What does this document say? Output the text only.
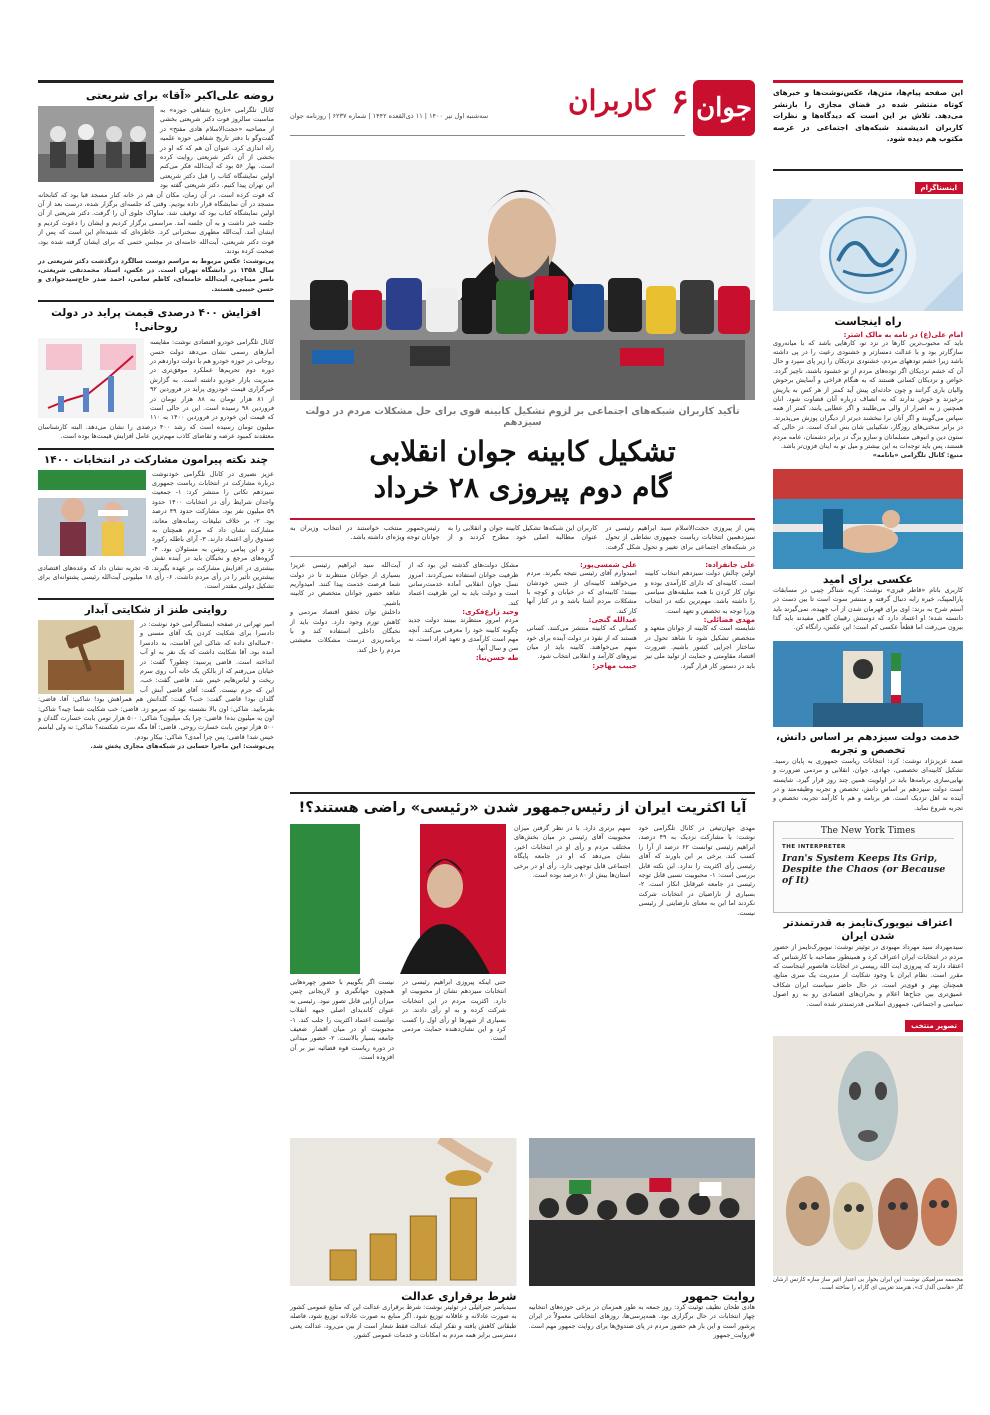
جوان
۶
کاربران
سه‌شنبه اول تیر ۱۴۰۰ | ۱۱ ذی‌القعده ۱۴۴۲ | شماره ۶۲۳۷ | روزنامه جوان
این صفحه پیام‌ها، متن‌ها، عکس‌نوشت‌ها و خبرهای کوتاه منتشر شده در فضای مجازی را بازنشر می‌دهد. تلاش بر این است که دیدگاه‌ها و نظرات کاربران اندیشمند شبکه‌های اجتماعی در عرصه مکتوب هم دیده شود.
اینستاگرام
راه اینجاست
امام علی(ع) در نامه به مالک اشتر:

باید که محبوب‌ترین کارها در نزد تو، کارهایی باشد که با میانه‌روی سازگارتر بود و با عدالت دمسازتر و خشنودی رعیت را در پی داشته باشد زیرا خشم تودههای مردم، خشنودی نزدیکان را زیر پای سپرد و حال آن که خشم نزدیکان اگر توده‌های مردم از تو خشنود باشند، ناچیز گردد. خواص و نزدیکان کسانی هستند که به هنگام فراخی و آسایش برحوش والیان باری گرانند و چون حادثه‌ای پیش آید کمتر از هر کس به یاریش برخیزند و خوش ندارند که به انصاف درباره آنان قضاوت شود. انان همچنین ز به اصرار از والی می‌طلبند و اگر عطایی یابند، کمتر از همه سپاس می‌گویند و اگر آنان نرا نبخشند دیرتر از دیگران پوزش می‌پذیرند. در برابر سختی‌های روزگار، شکیبایی شان بس اندک است. در حالی که ستون دین و انبوهی مسلمانان و سازو برگ در برابر دشمنان، عامه مردم هستند، پس باید توجه‌ات به این بیشتر و میل تو به اینان فزون‌تر باشد.

منبع: کانال تلگرامی «بانامه»

عکسی برای امید

کاربری بانام «قاطر قیزی» نوشت: گریه شناگر چینی در مسابقات پارالمپیک، خیره رابه دنبال گرفته و منتشر سوت است تا بین دست در آستم شرح به برند: اوی برای قهرمان شدن از آب جهیده، نمی‌گیرند باید دانسته شده؛ او اعتماد دارد که دوستش رقیبان گاهی مفیدند باید گذا بیرون می‌رفت اما قطعاً عکسی کم است؛ این عکس، رانگاه کن.

خدمت دولت سیزدهم بر اساس دانش، تخصص و تجربه

صمد عزیزنژاد نوشت: کرد: انتخابات ریاست جمهوری به پایان رسید. تشکیل کابینه‌ای تخصصی، جهادی، جوان، انقلابی و مردمی ضرورت و نهایی‌سازی برنامه‌ها باید در اولویت همین چند روز قرار گیرد. شایسته است دولت سیزدهم بر اساس دانش، تخصص و تجربه وظیفه‌مند و در آینده نه اهل تزدیک است. هر برنامه و هم با کارآمد تجربه، تخصص و تجربه شروع نماید.

The New York Times
THE INTERPRETER
Iran's System Keeps Its Grip, Despite the Chaos (or Because of It)
اعتراف نیویورک‌تایمز به قدرتمند‌تر شدن ایران

سیدمهرداد سید مهرداد مهبودی در توئیتر نوشت: نیویورک‌تایمز از حضور مردم در انتخابات ایران اعتراف کرد و همینطور مصاحبه با کارشناس که اعتقاد دارند که پیروزی ایت الله رییسی در اتخابات هاتصویر اینجاست که مقرر است. نظام ایران با وجود شکایت از مدیریت یک سری منابع، همچنان بهتر و قوی‌تر است. در حال حاضر سیاست ایران شکاف عمیق‌تری بین جناح‌ها اعلام و بحران‌های اقتصادی رو به رو اصول سیاسی و اجتماعی، جمهوری اسلامی قدرتمندتر شده است.

تصویر منتخب

مجسمه سرامیکی نوشت: این ایران بحوار بی اعتبار اغیر ساز سازه کارتس ارشان گار «هاسی آلدل ک»، هنرمند تغریبی ای گاراه را ساخته است.

روضه علی‌اکبر «آقا» برای شریعتی

کانال تلگرامی «تاریخ شفاهی حوزه» به مناسبت سالروز فوت دکتر شریعتی بخشی از مصاحبه «حجت‌الاسلام هادی مفتح» در گفت‌وگو با دفتر تاریخ شفاهی حوزه علمیه راه اندازی کرد. عنوان آن هم که که او در بخشی از آن دکتر شریعتی روایت کرده است. بهار ۵۶ بود که آیت‌الله فکر می‌کنم اولین نمایشگاه کتاب را قبل دکتر شریعتی این تهران پیدا کنیم. دکتر شریعتی گفته بود که فوت کرده است. در آن زمان، مکان آن هم در خانه کنار مسجد قبا بود که کتابخانه مسجد در آن نمایشگاه قرار داده بودیم. وقتی که جلسه‌ای برگزار شده، درست بعد از آن اولین نمایشگاه کتاب بود که توقیف شد. ساواک جلوی آن را گرفت. دکتر شریعتی از آن جلسه خبر داشت و به آن جلسه آمد. مراسمی برگزار کردیم و ایشان را دعوت کردیم و ایشان آمد. آیت‌الله مطهری سخنرانی کرد. خاطره‌ای که شنیده‌ام این است که پس از فوت دکتر شریعتی، آیت‌الله خامنه‌ای در مجلس ختمی که برای ایشان گرفته شده بود، صحبت کرده بودند.

پی‌نوشت: عکس مربوط به مراسم دوست سالگرد درگذشت دکتر شریعتی در سال ۱۳۵۸ در دانشگاه تهران است. در عکس، استاد محمدتقی شریعتی، ناصر میناچی، آیت‌الله خامنه‌ای، کاظم سامی، احمد صدر حاج‌سیدجوادی و حسن حبیبی هستند.

افزایش ۴۰۰ درصدی قیمت پراید در دولت روحانی!

کانال تلگرامی خودرو اقتصادی نوشت: مقایسه آمارهای رسمی نشان می‌دهد دولت حسن روحانی در حوزه خودرو هم با دولت دوازدهم در دوره دوم تحریم‌ها عملکرد موفق‌تری در مدیریت بازار خودرو داشته است. به گزارش خبرگزاری قیمت خودروی پراید در فروردین ۹۲ از ۸۱ هزار تومان به ۸۸ هزار تومان در فروردین ۹۸ رسیده است. این در حالی است که قیمت این خودرو در فروردین ۱۴۰۰ به ۱۱۰ میلیون تومان رسیده است که رشد ۴۰۰ درصدی را نشان می‌دهد. البته کارشناسان معتقدند کمبود عرضه و تقاضای کاذب مهم‌ترین عامل افزایش قیمت‌ها بوده است.

چند نکته پیرامون مشارکت در انتخابات ۱۴۰۰

عزیز نصیری در کانال تلگرامی خودنوشت درباره مشارکت در انتخابات ریاست جمهوری سیزدهم نکاتی را منتشر کرد: ۱- جمعیت واجدان شرایط رأی در انتخابات ۱۴۰۰ حدود ۵۹ میلیون نفر بود. مشارکت حدود ۴۹ درصد بود. ۲- بر خلاف تبلیغات رسانه‌های معاند، مشارکت نشان داد که مردم همچنان به صندوق رأی اعتماد دارند. ۳- آرای باطله رکورد زد و این پیامی روشن به مسئولان بود. ۴- گروه‌های مرجع و نخبگان باید در آینده نقش بیشتری در افزایش مشارکت بر عهده بگیرند. ۵- تجربه نشان داد که وعده‌های اقتصادی بیشترین تأثیر را در رأی مردم داشت. ۶- رأی ۱۸ میلیونی آیت‌الله رئیسی پشتوانه‌ای برای تشکیل دولتی مقتدر است.

روایتی طنز از شکایتی آبدار

امیر تهرانی در صفحه اینستاگرامی خود نوشت: در دادسرا برای شکایت کردن یک آقای مسنی و ۴۰ساله‌ای داده که شاکی این آقاست، به دادسرا آمده بود. آقا شکایت داشت که یک نفر به او آب انداخته است. قاضی پرسید: چطور؟ گفت: در خیابان می‌رفتم که از بالکن یک خانه آب روی سرم ریخت و لباس‌هایم خیس شد. قاضی گفت: خب، این که جرم نیست. گفت: آقای قاضی آبش آب گلدان بود! قاضی گفت: خب؟ گفت: گلدانش هم همراهش بود! شاکی: آقا، قاضی: بفرمایید. شاکی: اون بالا نشسته بود که سرمو زد. قاضی: خب شکایت شما چیه؟ شاکی: اون یه میلیون بده! قاضی: چرا یک میلیون؟ شاکی: ۵۰۰ هزار تومن بابت خسارت گلدان و ۵۰۰ هزار تومن بابت خسارت روحی. قاضی: آقا مگه سرت شکسته؟ شاکی: نه ولی لباسم خیس شد! قاضی: پس چرا آمدی؟ شاکی: بیکار بودم.

پی‌نوشت: این ماجرا حسابی در شبکه‌های مجازی پخش شد.

تأکید کاربران شبکه‌های اجتماعی بر لزوم تشکیل کابینه قوی برای حل مشکلات مردم در دولت سیزدهم
تشکیل کابینه جوان انقلابی
گام دوم پیروزی ۲۸ خرداد

پس از پیروزی حجت‌الاسلام سید ابراهیم رئیسی در سیزدهمین انتخابات ریاست جمهوری نشاطی از تحول در شبکه‌های اجتماعی برای تغییر و تحول شکل گرفت. کاربران این شبکه‌ها تشکیل کابینه جوان و انقلابی را به عنوان مطالبه اصلی خود مطرح کردند و از رئیس‌جمهور منتخب خواستند در انتخاب وزیران به جوانان توجه ویژه‌ای داشته باشد.

علی جانفزاده:

اولین چالش دولت سیزدهم انتخاب کابینه است. کابینه‌ای که دارای کارآمدی بوده و توان کار کردن با همه سلیقه‌های سیاسی را داشته باشد. مهم‌ترین نکته در انتخاب وزرا توجه به تخصص و تعهد است.

مهدی فضائلی:

شایسته است که کابینه از جوانان متعهد و متخصص تشکیل شود تا شاهد تحول در ساختار اجرایی کشور باشیم. ضرورت اقتصاد مقاومتی و حمایت از تولید ملی نیز باید در دستور کار قرار گیرد.

علی شمسی‌پور:

امیدوارم آقای رئیسی نتیجه بگیرند. مردم می‌خواهند کابینه‌ای از جنس خودشان ببینند؛ کابینه‌ای که در خیابان و کوچه با مشکلات مردم آشنا باشد و در کنار آنها کار کند.

عبدالله گنجی:

کسانی که کابینه منتشر می‌کنند، کسانی هستند که از نفوذ در دولت آینده برای خود سهم می‌خواهند. کابینه باید از میان نیروهای کارآمد و انقلابی انتخاب شود.

حبیب مهاجر:

مشکل دولت‌های گذشته این بود که از ظرفیت جوانان استفاده نمی‌کردند. امروز نسل جوان انقلابی آماده خدمت‌رسانی است و دولت باید به این ظرفیت اعتماد کند.

وحید زارع‌فکری:

مردم امروز منتظرند ببینند دولت جدید چگونه کابینه خود را معرفی می‌کند. آنچه مهم است کارآمدی و تعهد افراد است، نه سن و سال آنها.

طه حسن‌نیا:

آیت‌الله سید ابراهیم رئیسی عزیز! بسیاری از جوانان منتظرند تا در دولت شما فرصت خدمت پیدا کنند. امیدواریم شاهد حضور جوانان متخصص در کابینه باشیم.

داخلش توان تحقق اقتصاد مردمی و کاهش تورم وجود دارد. دولت باید از نخبگان داخلی استفاده کند و با برنامه‌ریزی درست مشکلات معیشتی مردم را حل کند.

آیا اکثریت ایران از رئیس‌جمهور شدن «رئیسی» راضی هستند؟!

مهدی جهان‌تیغی در کانال تلگرامی خود نوشت: با مشارکت نزدیک به ۴۹ درصد، ابراهیم رئیسی توانست ۶۲ درصد از آرا را کسب کند. برخی بر این باورند که آقای رئیسی رأی اکثریت را ندارد. این نکته قابل بررسی است: ۱- محبوبیت نسبی قابل توجه رئیسی در جامعه غیرقابل انکار است. ۲- بسیاری از ناراضیان در انتخابات شرکت نکردند اما این به معنای نارضایتی از رئیسی نیست.

سهم برتری دارد. با در نظر گرفتن میزان محبوبیت آقای رئیسی در میان بخش‌های مختلف مردم و رأی او در انتخابات اخیر، نشان می‌دهد که او در جامعه پایگاه اجتماعی قابل توجهی دارد. رأی او در برخی استان‌ها بیش از ۸۰ درصد بوده است.

حتی اینکه پیروزی ابراهیم رئیسی در انتخابات سیزدهم نشان از محبوبیت او دارد. اکثریت مردم در این انتخابات شرکت کرده و به او رأی دادند. در بسیاری از شهرها او رأی اول را کسب کرد و این نشان‌دهنده حمایت مردمی است.

نیست اگر بگوییم با حضور چهره‌هایی همچون جهانگیری و لاریجانی چنین میزان آرایی قابل تصور نبود. رئیسی به عنوان کاندیدای اصلی جبهه انقلاب توانست اعتماد اکثریت را جلب کند. ۱- محبوبیت او در میان اقشار ضعیف جامعه بسیار بالاست. ۲- حضور میدانی در دوره ریاست قوه قضائیه نیز بر آن افزوده است.

روایت جمهور

هادی طحان نظیف توئیت کرد: روز جمعه به طور همزمان در برخی حوزه‌های انتخابیه چهار انتخابات در حال برگزاری بود. همه‌پرسی‌ها، روزهای انتخاباتی معمولاً در ایران پرشور است و این بار هم حضور مردم در پای صندوق‌ها برای روایت جمهور مهم است. #روایت_جمهور

شرط برقراری عدالت

سیدیاسر جبرائیلی در توئیتر نوشت: شرط برقراری عدالت این که منابع عمومی کشور به صورت عادلانه و عاقلانه توزیع شود. اگر منابع به صورت عادلانه توزیع شود، فاصله طبقاتی کاهش یافته و تفکر اینکه عدالت فقط شعار است از بین می‌رود. عدالت یعنی دسترسی برابر همه مردم به امکانات و خدمات عمومی کشور.
